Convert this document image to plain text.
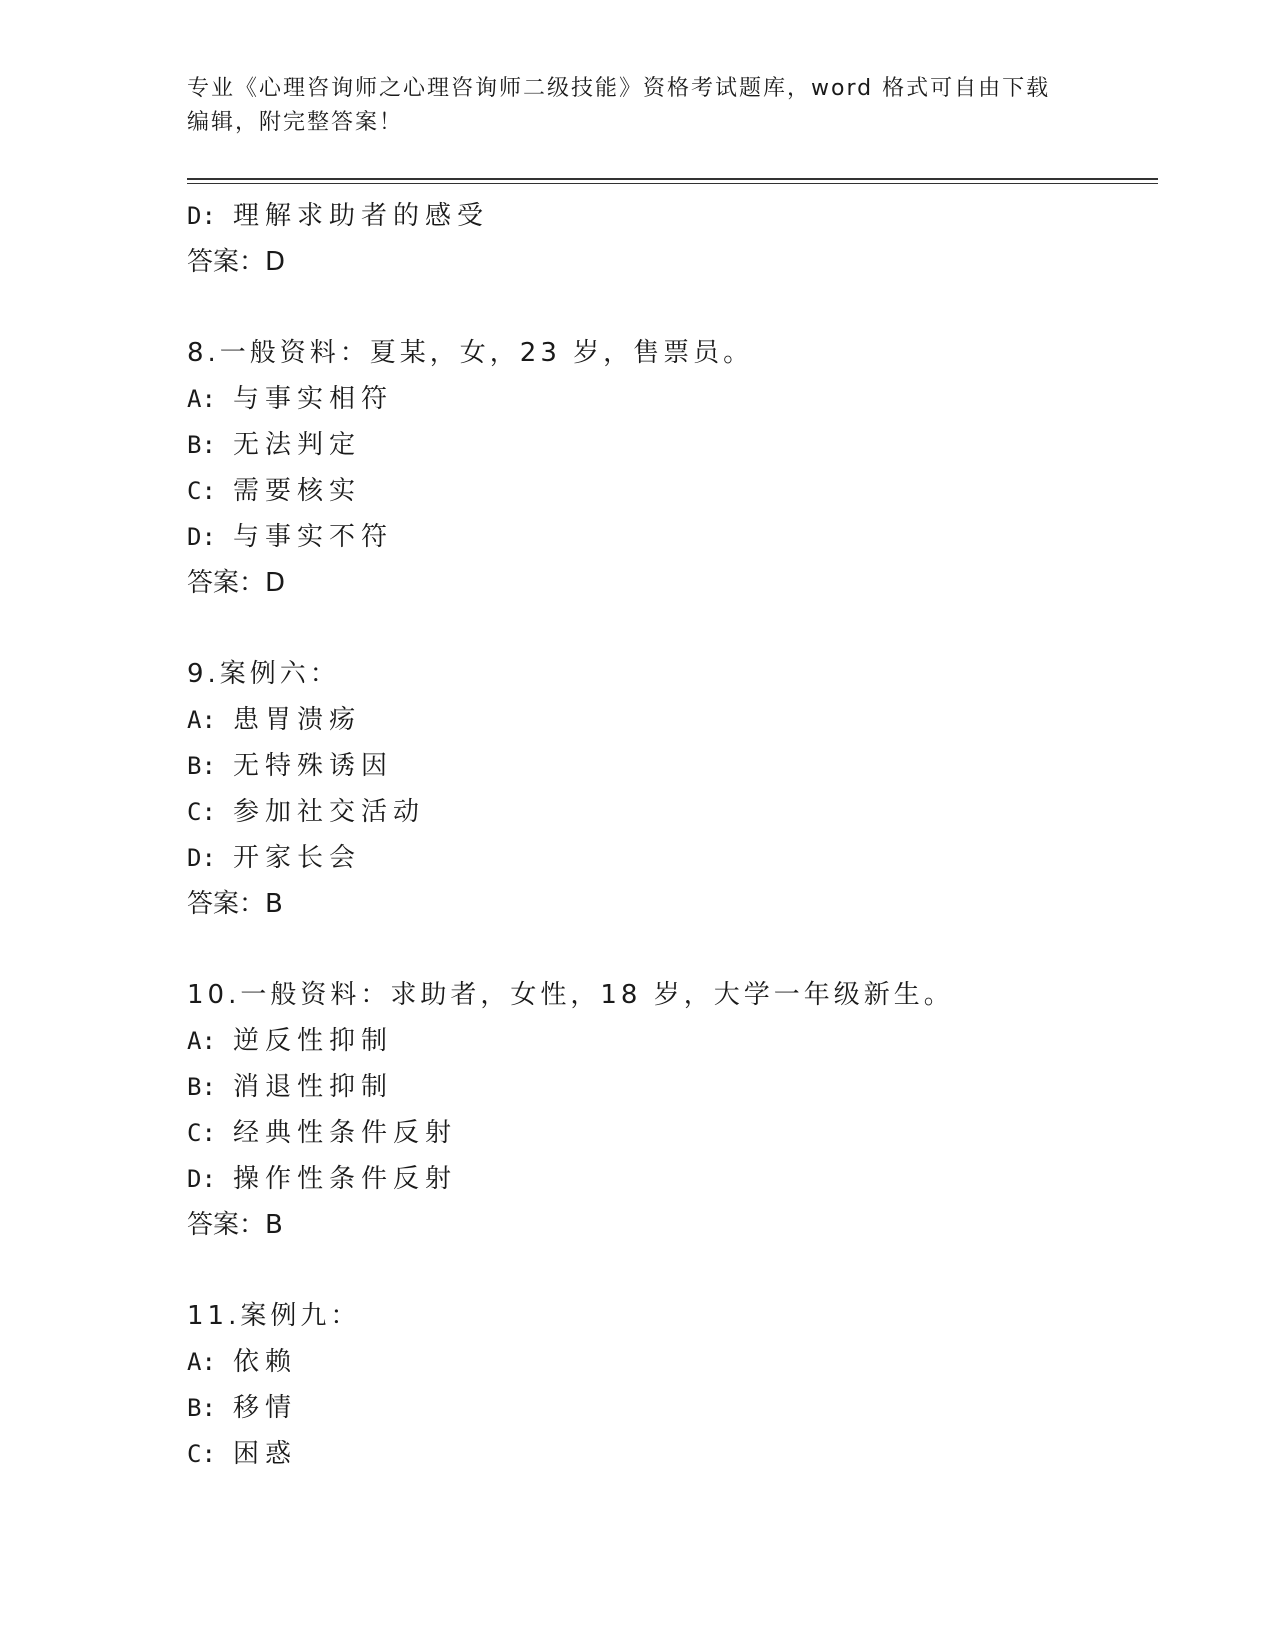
专业《心理咨询师之心理咨询师二级技能》资格考试题库，word 格式可自由下载
编辑，附完整答案！
D: 理解求助者的感受
答案：D
8.一般资料：夏某，女，23 岁，售票员。
A: 与事实相符
B: 无法判定
C: 需要核实
D: 与事实不符
答案：D
9.案例六：
A: 患胃溃疡
B: 无特殊诱因
C: 参加社交活动
D: 开家长会
答案：B
10.一般资料：求助者，女性，18 岁，大学一年级新生。
A: 逆反性抑制
B: 消退性抑制
C: 经典性条件反射
D: 操作性条件反射
答案：B
11.案例九：
A: 依赖
B: 移情
C: 困惑
